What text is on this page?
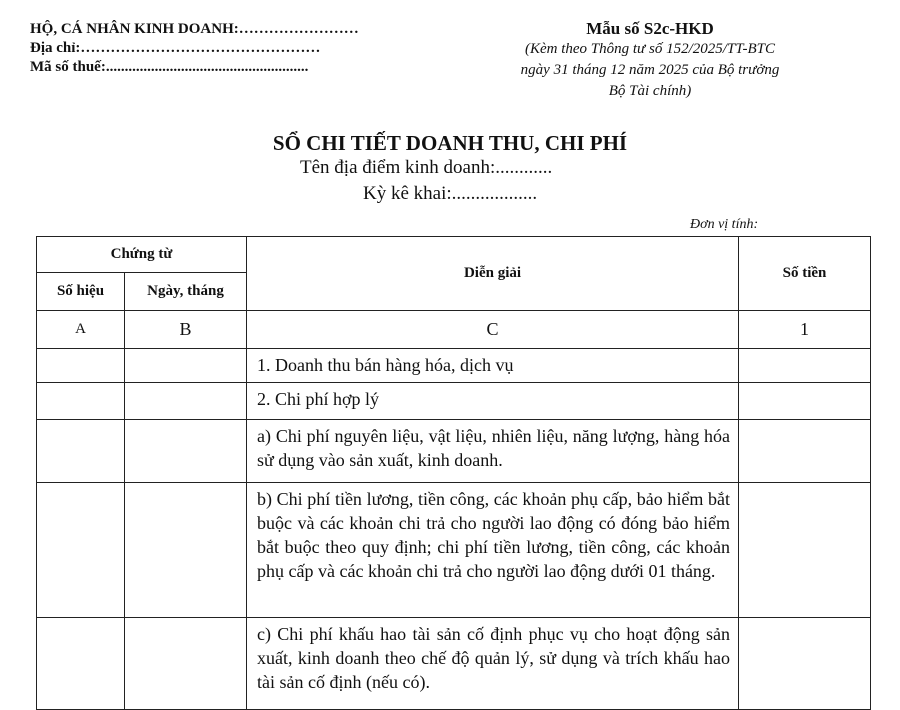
HỘ, CÁ NHÂN KINH DOANH:……………………
Địa chỉ:…………………………………………
Mã số thuế:......................................................
Mẫu số S2c-HKD
(Kèm theo Thông tư số 152/2025/TT-BTC
ngày 31 tháng 12 năm 2025 của Bộ trưởng
Bộ Tài chính)
SỔ CHI TIẾT DOANH THU, CHI PHÍ
Tên địa điểm kinh doanh:............
Kỳ kê khai:..................
Đơn vị tính:
Chứng từ		Diễn giải	Số tiền
Số hiệu	Ngày, tháng		
A	B	C	1
		1. Doanh thu bán hàng hóa, dịch vụ	
		2. Chi phí hợp lý	
		a) Chi phí nguyên liệu, vật liệu, nhiên liệu, năng lượng, hàng hóa sử dụng vào sản xuất, kinh doanh.	
		b) Chi phí tiền lương, tiền công, các khoản phụ cấp, bảo hiểm bắt buộc và các khoản chi trả cho người lao động có đóng bảo hiểm bắt buộc theo quy định; chi phí tiền lương, tiền công, các khoản phụ cấp và các khoản chi trả cho người lao động dưới 01 tháng.	
		c) Chi phí khấu hao tài sản cố định phục vụ cho hoạt động sản xuất, kinh doanh theo chế độ quản lý, sử dụng và trích khấu hao tài sản cố định (nếu có).	
